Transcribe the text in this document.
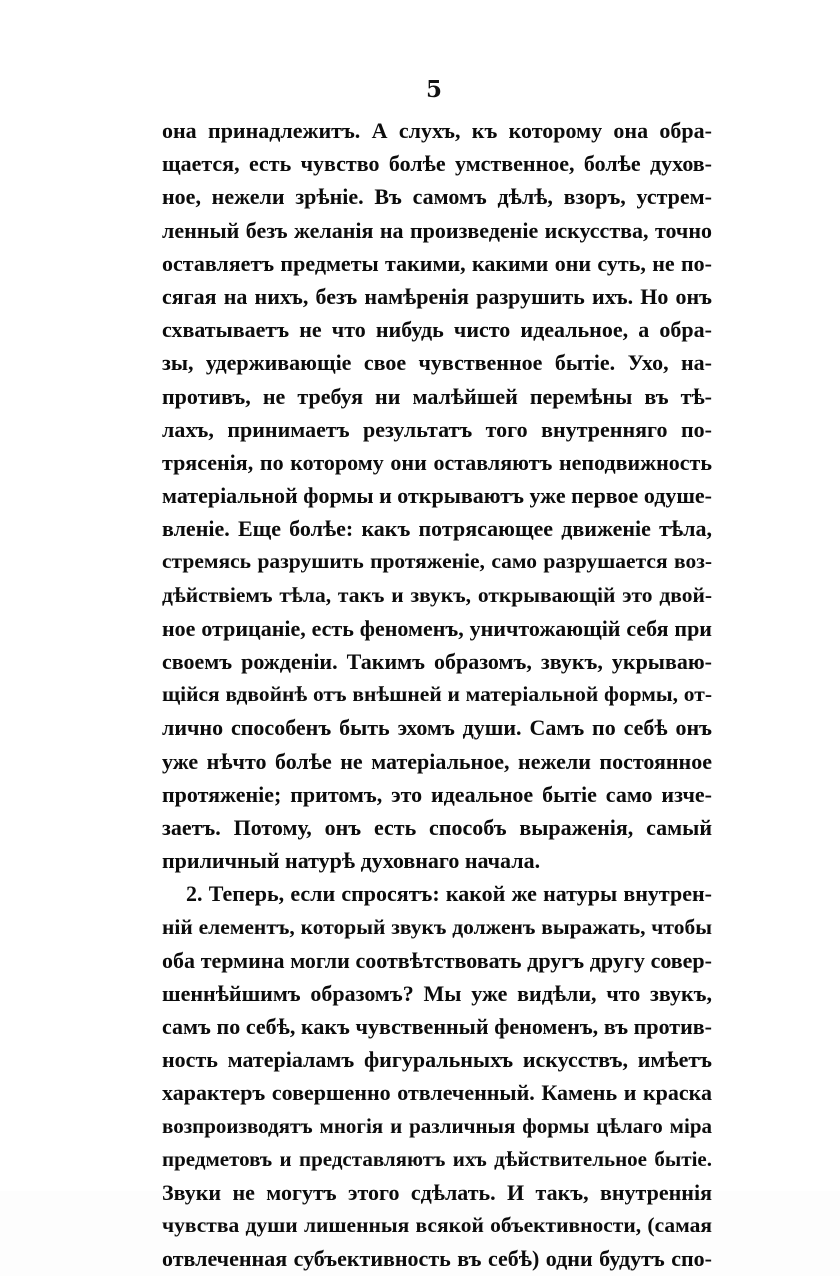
5
она принадлежитъ. А слухъ, къ которому она обра-
щается, есть чувство болѣе умственное, болѣе духов-
ное, нежели зрѣніе. Въ самомъ дѣлѣ, взоръ, устрем-
ленный безъ желанія на произведеніе искусства, точно
оставляетъ предметы такими, какими они суть, не по-
сягая на нихъ, безъ намѣренія разрушить ихъ. Но онъ
схватываетъ не что нибудь чисто идеальное, а обра-
зы, удерживающіе свое чувственное бытіе. Ухо, на-
противъ, не требуя ни малѣйшей перемѣны въ тѣ-
лахъ, принимаетъ результатъ того внутренняго по-
трясенія, по которому они оставляютъ неподвижность
матеріальной формы и открываютъ уже первое одуше-
вленіе. Еще болѣе: какъ потрясающее движеніе тѣла,
стремясь разрушить протяженіе, само разрушается воз-
дѣйствіемъ тѣла, такъ и звукъ, открывающій это двой-
ное отрицаніе, есть феноменъ, уничтожающій себя при
своемъ рожденіи. Такимъ образомъ, звукъ, укрываю-
щійся вдвойнѣ отъ внѣшней и матеріальной формы, от-
лично способенъ быть эхомъ души. Самъ по себѣ онъ
уже нѣчто болѣе не матеріальное, нежели постоянное
протяженіе; притомъ, это идеальное бытіе само изче-
заетъ. Потому, онъ есть способъ выраженія, самый
приличный натурѣ духовнаго начала.
2. Теперь, если спросятъ: какой же натуры внутрен-
ній елементъ, который звукъ долженъ выражать, чтобы
оба термина могли соотвѣтствовать другъ другу совер-
шеннѣйшимъ образомъ? Мы уже видѣли, что звукъ,
самъ по себѣ, какъ чувственный феноменъ, въ против-
ность матеріаламъ фигуральныхъ искусствъ, имѣетъ
характеръ совершенно отвлеченный. Камень и краска
возпроизводятъ многія и различныя формы цѣлаго міра
предметовъ и представляютъ ихъ дѣйствительное бытіе.
Звуки не могутъ этого сдѣлать. И такъ, внутреннія
чувства души лишенныя всякой объективности, (самая
отвлеченная субъективность въ себѣ) одни будутъ спо-
